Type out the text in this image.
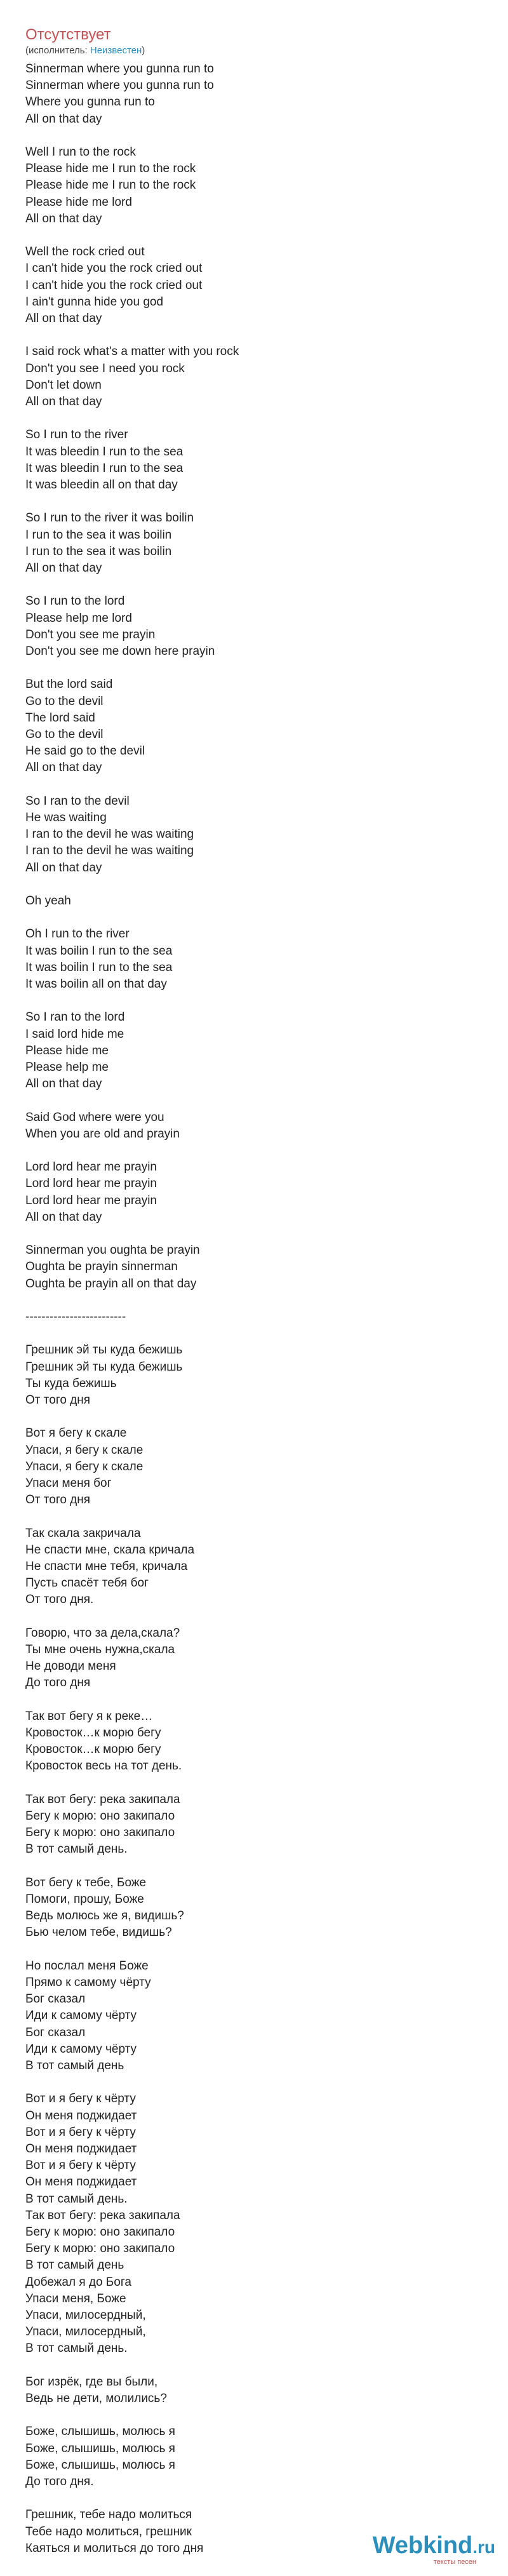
Отсутствует
(исполнитель: Неизвестен)
Sinnerman where you gunna run to
Sinnerman where you gunna run to
Where you gunna run to
All on that day
Well I run to the rock
Please hide me I run to the rock
Please hide me I run to the rock
Please hide me lord
All on that day
Well the rock cried out
I can't hide you the rock cried out
I can't hide you the rock cried out
I ain't gunna hide you god
All on that day
I said rock what's a matter with you rock
Don't you see I need you rock
Don't let down
All on that day
So I run to the river
It was bleedin I run to the sea
It was bleedin I run to the sea
It was bleedin all on that day
So I run to the river it was boilin
I run to the sea it was boilin
I run to the sea it was boilin
All on that day
So I run to the lord
Please help me lord
Don't you see me prayin
Don't you see me down here prayin
But the lord said
Go to the devil
The lord said
Go to the devil
He said go to the devil
All on that day
So I ran to the devil
He was waiting
I ran to the devil he was waiting
I ran to the devil he was waiting
All on that day
Oh yeah
Oh I run to the river
It was boilin I run to the sea
It was boilin I run to the sea
It was boilin all on that day
So I ran to the lord
I said lord hide me
Please hide me
Please help me
All on that day
Said God where were you
When you are old and prayin
Lord lord hear me prayin
Lord lord hear me prayin
Lord lord hear me prayin
All on that day
Sinnerman you oughta be prayin
Oughta be prayin sinnerman
Oughta be prayin all on that day
-------------------------
Грешник эй ты куда бежишь
Грешник эй ты куда бежишь
Ты куда бежишь
От того дня
Вот я бегу к скале
Упаси, я бегу к скале
Упаси, я бегу к скале
Упаси меня бог
От того дня
Так скала закричала
Не спасти мне, скала кричала
Не спасти мне тебя, кричала
Пусть спасёт тебя бог
От того дня.
Говорю, что за дела,скала?
Ты мне очень нужна,скала
Не доводи меня
До того дня
Так вот бегу я к реке…
Кровосток…к морю бегу
Кровосток…к морю бегу
Кровосток весь на тот день.
Так вот бегу: река закипала
Бегу к морю: оно закипало
Бегу к морю: оно закипало
В тот самый день.
Вот бегу к тебе, Боже
Помоги, прошу, Боже
Ведь молюсь же я, видишь?
Бью челом тебе, видишь?
Но послал меня Боже
Прямо к самому чёрту
Бог сказал
Иди к самому чёрту
Бог сказал
Иди к самому чёрту
В тот самый день
Вот и я бегу к чёрту
Он меня поджидает
Вот и я бегу к чёрту
Он меня поджидает
Вот и я бегу к чёрту
Он меня поджидает
В тот самый день.
Так вот бегу: река закипала
Бегу к морю: оно закипало
Бегу к морю: оно закипало
В тот самый день
Добежал я до Бога
Упаси меня, Боже
Упаси, милосердный,
Упаси, милосердный,
В тот самый день.
Бог изрёк, где вы были,
Ведь не дети, молились?
Боже, слышишь, молюсь я
Боже, слышишь, молюсь я
Боже, слышишь, молюсь я
До того дня.
Грешник, тебе надо молиться
Тебе надо молиться, грешник
Каяться и молиться до того дня	Webkind.ru
тексты песен
